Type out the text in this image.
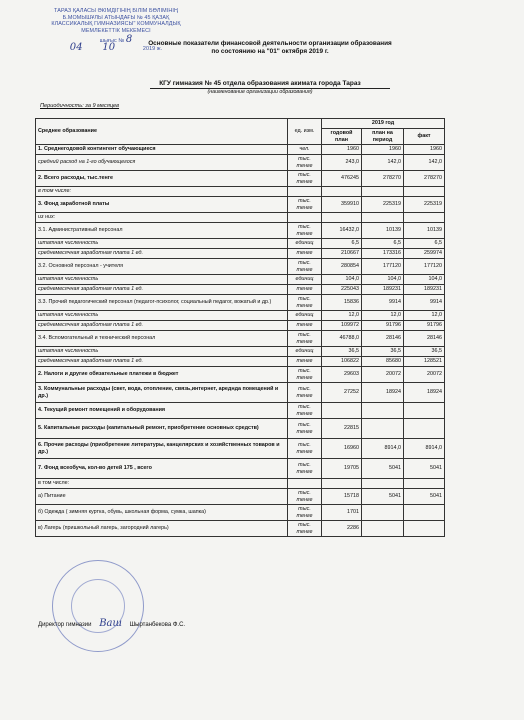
ТАРАЗ ҚАЛАСЫ ӘКІМДІГІНІҢ БІЛІМ БӨЛІМІНІҢ
Б.МОМЫШҰЛЫ АТЫНДАҒЫ № 45 ҚАЗАҚ
КЛАССИКАЛЫҚ ГИМНАЗИЯСЫ" КОММУНАЛДЫҚ
МЕМЛЕКЕТТІК МЕКЕМЕСІ
шығыс № 8
04 10	2019 ж.
Основные показатели финансовой деятельности организации образования
по состоянию на "01" октября 2019 г.
КГУ гимназия № 45 отдела образования акимата города Тараз
(наименование организации образования)
Периодичность: за 9 месяцев
Среднее образование	ед. изм.	2019 год		
		годовой план	план на период	факт
1. Среднегодовой контингент обучающиеся	чел.	1960	1960	1960
средний расход на 1-го обучающегося	тыс. тенге	243,0	142,0	142,0
2. Всего расходы, тыс.тенге	тыс. тенге	476245	278270	278270
в том числе:				
3. Фонд заработной платы	тыс. тенге	359910	225319	225319
из них:				
3.1. Административный персонал	тыс. тенге	16432,0	10139	10139
штатная численность	единиц	6,5	6,5	6,5
среднемесячная заработная плата 1 ед.	тенге	210667	173316	259974
3.2. Основной персонал - учителя	тыс. тенге	280854	177120	177120
штатная численность	единиц	104,0	104,0	104,0
среднемесячная заработная плата 1 ед.	тенге	225043	189231	189231
3.3. Прочий педагогический персонал (педагог-психолог, социальный педагог, вожатый и др.)	тыс. тенге	15836	9914	9914
штатная численность	единиц	12,0	12,0	12,0
среднемесячная заработная плата 1 ед.	тенге	109972	91796	91796
3.4. Вспомогательный и технический персонал	тыс. тенге	46788,0	28146	28146
штатная численность	единиц	36,5	36,5	36,5
среднемесячная заработная плата 1 ед.	тенге	106822	85680	128521
2. Налоги и другие обязательные платежи в бюджет	тыс. тенге	29603	20072	20072
3. Коммунальные расходы (свет, вода, отопление, связь,интернет, аредндa помещений и др.)	тыс. тенге	27252	18924	18924
4. Текущий ремонт помещений и оборудования	тыс. тенге			
5. Капитальные расходы (капитальный ремонт, приобретение основных средств)	тыс. тенге	22815		
6. Прочие расходы (приобретение литературы, канцелярских и хозяйственных товаров и др.)	тыс. тенге	16960	8914,0	8914,0
7. Фонд всеобуча, кол-во детей 175 , всего	тыс. тенге	19705	5041	5041
в том числе:				
а) Питание	тыс. тенге	15718	5041	5041
б) Одежда ( зимняя куртка, обувь, школьная форма, сумка, шапка)	тыс. тенге	1701		
в) Лагерь (пришкольный лагерь, загородний лагерь)	тыс. тенге	2286		
Директор гимназии Ваш Шыртанбекова Ф.С.
